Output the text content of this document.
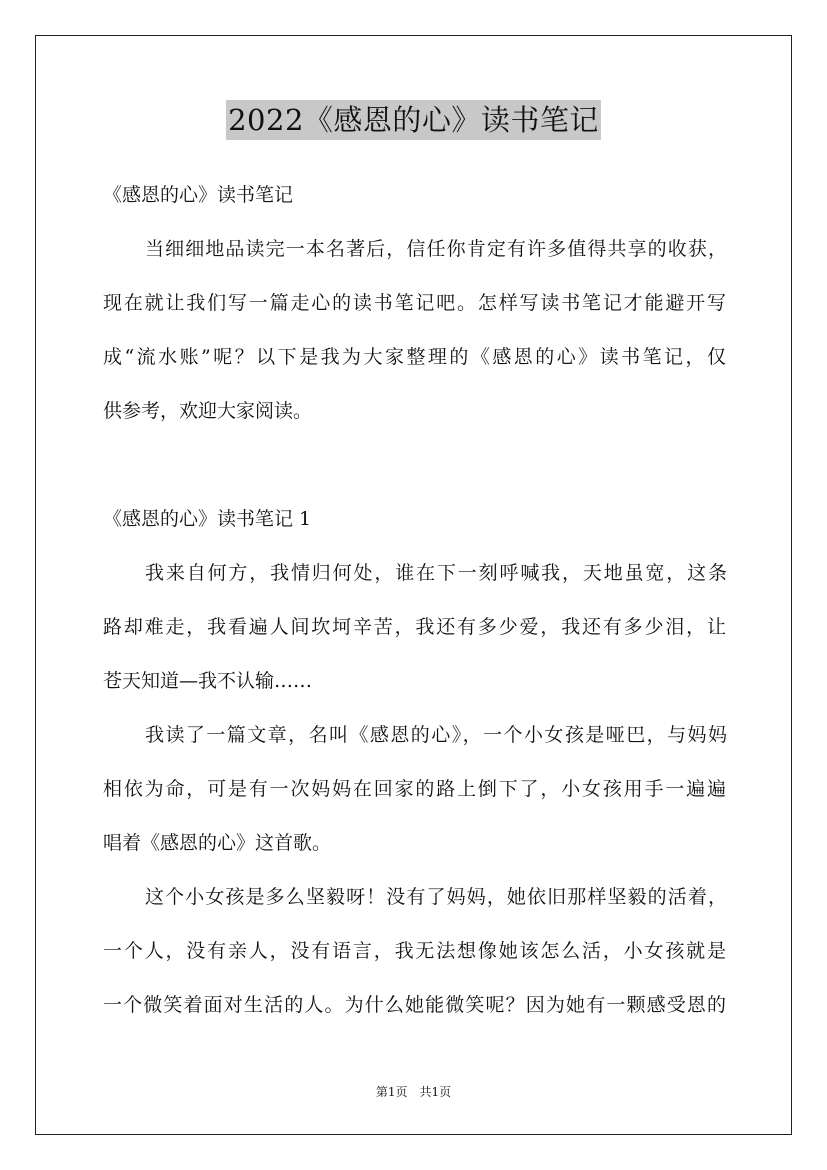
2022《感恩的心》读书笔记
《感恩的心》读书笔记
当细细地品读完一本名著后，信任你肯定有许多值得共享的收获，
现在就让我们写一篇走心的读书笔记吧。怎样写读书笔记才能避开写
成“流水账”呢？以下是我为大家整理的《感恩的心》读书笔记，仅
供参考，欢迎大家阅读。
《感恩的心》读书笔记 1
我来自何方，我情归何处，谁在下一刻呼喊我，天地虽宽，这条
路却难走，我看遍人间坎坷辛苦，我还有多少爱，我还有多少泪，让
苍天知道—我不认输……
我读了一篇文章，名叫《感恩的心》，一个小女孩是哑巴，与妈妈
相依为命，可是有一次妈妈在回家的路上倒下了，小女孩用手一遍遍
唱着《感恩的心》这首歌。
这个小女孩是多么坚毅呀！没有了妈妈，她依旧那样坚毅的活着，
一个人，没有亲人，没有语言，我无法想像她该怎么活，小女孩就是
一个微笑着面对生活的人。为什么她能微笑呢？因为她有一颗感受恩的
第1页　共1页
